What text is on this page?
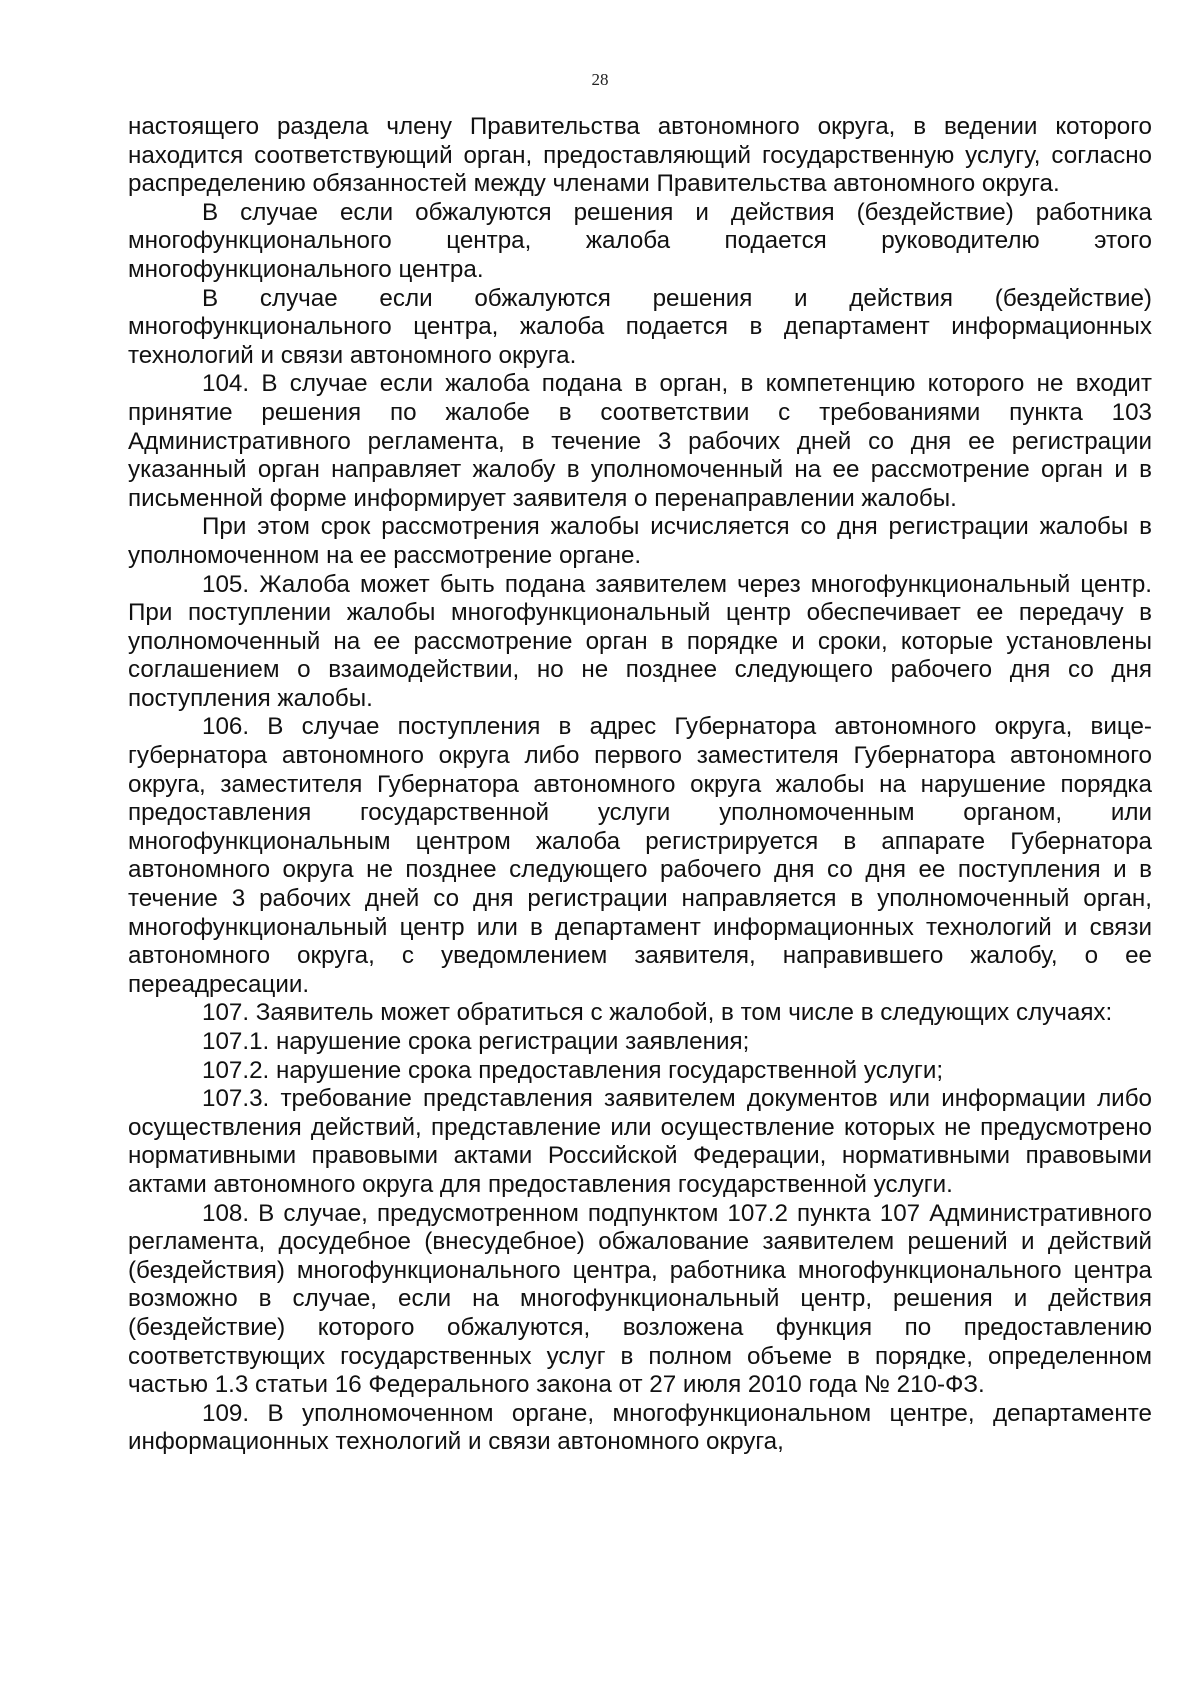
28

настоящего раздела члену Правительства автономного округа, в ведении которого находится соответствующий орган, предоставляющий государственную услугу, согласно распределению обязанностей между членами Правительства автономного округа.

В случае если обжалуются решения и действия (бездействие) работника многофункционального центра, жалоба подается руководителю этого многофункционального центра.

В случае если обжалуются решения и действия (бездействие) многофункционального центра, жалоба подается в департамент информационных технологий и связи автономного округа.

104. В случае если жалоба подана в орган, в компетенцию которого не входит принятие решения по жалобе в соответствии с требованиями пункта 103 Административного регламента, в течение 3 рабочих дней со дня ее регистрации указанный орган направляет жалобу в уполномоченный на ее рассмотрение орган и в письменной форме информирует заявителя о перенаправлении жалобы.

При этом срок рассмотрения жалобы исчисляется со дня регистрации жалобы в уполномоченном на ее рассмотрение органе.

105. Жалоба может быть подана заявителем через многофункциональный центр. При поступлении жалобы многофункциональный центр обеспечивает ее передачу в уполномоченный на ее рассмотрение орган в порядке и сроки, которые установлены соглашением о взаимодействии, но не позднее следующего рабочего дня со дня поступления жалобы.

106. В случае поступления в адрес Губернатора автономного округа, вице-губернатора автономного округа либо первого заместителя Губернатора автономного округа, заместителя Губернатора автономного округа жалобы на нарушение порядка предоставления государственной услуги уполномоченным органом, или многофункциональным центром жалоба регистрируется в аппарате Губернатора автономного округа не позднее следующего рабочего дня со дня ее поступления и в течение 3 рабочих дней со дня регистрации направляется в уполномоченный орган, многофункциональный центр или в департамент информационных технологий и связи автономного округа, с уведомлением заявителя, направившего жалобу, о ее переадресации.

107. Заявитель может обратиться с жалобой, в том числе в следующих случаях:

107.1. нарушение срока регистрации заявления;

107.2. нарушение срока предоставления государственной услуги;

107.3. требование представления заявителем документов или информации либо осуществления действий, представление или осуществление которых не предусмотрено нормативными правовыми актами Российской Федерации, нормативными правовыми актами автономного округа для предоставления государственной услуги.

108. В случае, предусмотренном подпунктом 107.2 пункта 107 Административного регламента, досудебное (внесудебное) обжалование заявителем решений и действий (бездействия) многофункционального центра, работника многофункционального центра возможно в случае, если на многофункциональный центр, решения и действия (бездействие) которого обжалуются, возложена функция по предоставлению соответствующих государственных услуг в полном объеме в порядке, определенном частью 1.3 статьи 16 Федерального закона от 27 июля 2010 года № 210-ФЗ.

109. В уполномоченном органе, многофункциональном центре, департаменте информационных технологий и связи автономного округа,
